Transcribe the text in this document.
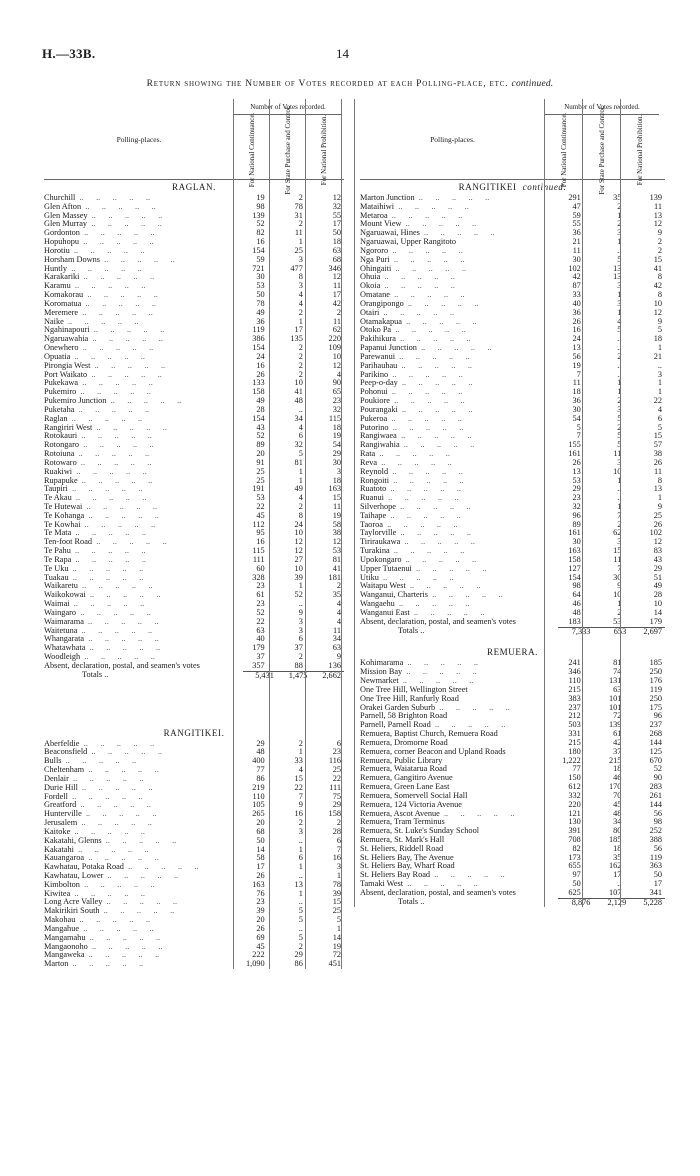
H.—33B.	14
Return showing the Number of Votes recorded at each Polling-place, etc. continued.
Polling-places.
Number of Votes recorded.
For National Continuance.	For State Purchase and Control.	For National Prohibition.
RAGLAN.
Churchill ..	19	2	12
Glen Afton ..	98	78	32
Glen Massey ..	139	31	55
Glen Murray ..	52	2	17
Gordonton ..	82	11	50
Hopuhopu ..	16	1	18
Horotiu ..	154	25	63
Horsham Downs ..	59	3	68
Huntly ..	721	477	346
Karakariki ..	30	8	12
Karamu ..	53	3	11
Komakorau ..	50	4	17
Koromatua ..	78	4	42
Meremere ..	49	2	2
Naike ..	36	1	11
Ngahinapouri ..	119	17	62
Ngaruawahia ..	386	135	220
Onewhero ..	154	2	109
Opuatia ..	24	2	10
Pirongia West ..	16	2	12
Port Waikato ..	26	2	4
Pukekawa ..	133	10	90
Pukemiro ..	158	41	65
Pukemiro Junction ..	49	48	23
Puketaha ..	28	..	32
Raglan ..	154	34	115
Rangiriri West ..	43	4	18
Rotokauri ..	52	6	19
Rotongaro ..	89	32	54
Rotoiuna ..	20	5	29
Rotowaro ..	91	81	30
Ruakiwi ..	25	1	3
Rupapuke ..	25	1	18
Taupiri ..	191	49	163
Te Akau ..	53	4	15
Te Hutewai ..	22	2	11
Te Kohanga ..	45	8	19
Te Kowhai ..	112	24	58
Te Mata ..	95	10	38
Ten-foot Road ..	16	12	12
Te Pahu ..	115	12	53
Te Rapa ..	111	27	81
Te Uku ..	60	10	41
Tuakau ..	328	39	181
Waikaretu ..	23	1	2
Waikokowai ..	61	52	35
Waimai ..	23	..	4
Waingaro ..	52	9	4
Waimarama ..	22	3	4
Waitetuna ..	63	3	11
Whangarata ..	40	6	34
Whatawhata ..	179	37	63
Woodleigh ..	37	2	9
Absent, declaration, postal, and seamen's votes	357	88	136
Totals ..	5,431	1,475	2,662
RANGITIKEI.
Aberfeldie ..	29	2	6
Beaconsfield ..	48	1	23
Bulls ..	400	33	116
Cheltenham ..	77	4	25
Denlair ..	86	15	22
Durie Hill ..	219	22	111
Fordell ..	110	7	75
Greatford ..	105	9	29
Hunterville ..	265	16	158
Jerusalem ..	20	2	2
Kaitoke ..	68	3	28
Kakatahi, Glenns ..	50	..	6
Kakatahi ..	14	1	7
Kauangaroa ..	58	6	16
Kawhatau, Potaka Road ..	17	1	3
Kawhatau, Lower ..	26	..	1
Kimbolton ..	163	13	78
Kiwitea ..	76	1	39
Long Acre Valley ..	23	..	15
Makirikiri South ..	39	5	25
Makohau ..	20	5	5
Mangahue ..	26	..	1
Mangamahu ..	69	5	14
Mangaonoho ..	45	2	19
Mangaweka ..	222	29	72
Marton ..	1,090	86	451
Polling-places.
Number of Votes recorded.
For National Continuance.	For State Purchase and Control.	For National Prohibition.
RANGITIKEI continued.
Marton Junction ..	291	35	139
Mataihiwi ..	47	2	11
Metaroa ..	59	1	13
Mount View ..	55	2	12
Ngaruawai, Hines ..	36	3	9
Ngaruawai, Upper Rangitoto	21	1	2
Ngororo ..	11	..	2
Nga Puri ..	30	5	15
Ohingaiti ..	102	13	41
Ohuia ..	42	13	8
Okoia ..	87	3	42
Omatane ..	33	1	8
Orangipongo ..	40	3	10
Otairi ..	36	1	12
Otamakapua ..	26	4	9
Otoko Pa ..	16	5	5
Pakihikura ..	24	..	18
Papanui Junction ..	13	..	1
Parewanui ..	56	2	21
Parihauhau ..	19	..	..
Parikino ..	7	..	3
Peep-o-day ..	11	1	1
Pohonui ..	18	1	1
Poukiore ..	36	2	22
Pourangaki ..	30	3	4
Pukeroa ..	54	5	6
Putorino ..	5	2	5
Rangiwaea ..	7	5	15
Rangiwahia ..	155	5	57
Rata ..	161	11	38
Reva ..	26	3	26
Reynold ..	13	10	11
Rongoiti ..	53	1	8
Ruatoto ..	29	..	13
Ruanui ..	23	..	1
Silverhope ..	32	1	9
Taihape ..	96	7	25
Taoroa ..	89	2	26
Taylorville ..	161	62	102
Tiriraukawa ..	30	3	12
Turakina ..	163	15	83
Upokongaro ..	158	11	43
Upper Tutaenui ..	127	7	29
Utiku ..	154	30	51
Waitapu West ..	98	9	49
Wanganui, Charteris ..	64	10	28
Wangaehu ..	46	1	10
Wanganui East ..	48	2	14
Absent, declaration, postal, and seamen's votes	183	53	179
Totals ..	7,333	653	2,697
REMUERA.
Kohimarama ..	241	81	185
Mission Bay ..	346	74	250
Newmarket ..	110	131	176
One Tree Hill, Wellington Street	215	63	119
One Tree Hill, Ranfurly Road	383	101	250
Orakei Garden Suburb ..	237	101	175
Parnell, 58 Brighton Road	212	72	96
Parnell, Parnell Road ..	503	139	237
Remuera, Baptist Church, Remuera Road	331	61	268
Remuera, Dromorne Road	215	42	144
Remuera, corner Beacon and Upland Roads	180	37	125
Remuera, Public Library	1,222	215	670
Remuera, Waiatarua Road	77	18	52
Remuera, Gangitiro Avenue	150	46	90
Remuera, Green Lane East	612	170	283
Remuera, Somervell Social Hall	332	70	261
Remuera, 124 Victoria Avenue	220	45	144
Remuera, Ascot Avenue ..	121	48	56
Remuera, Tram Terminus	130	34	98
Remuera, St. Luke's Sunday School	391	80	252
Remuera, St. Mark's Hall	708	185	388
St. Heliers, Riddell Road	82	18	56
St. Heliers Bay, The Avenue	173	35	119
St. Heliers Bay, Wharf Road	655	162	363
St. Heliers Bay Road ..	97	17	50
Tamaki West ..	50	..	17
Absent, declaration, postal, and seamen's votes	625	107	341
Totals ..	8,876	2,129	5,228
